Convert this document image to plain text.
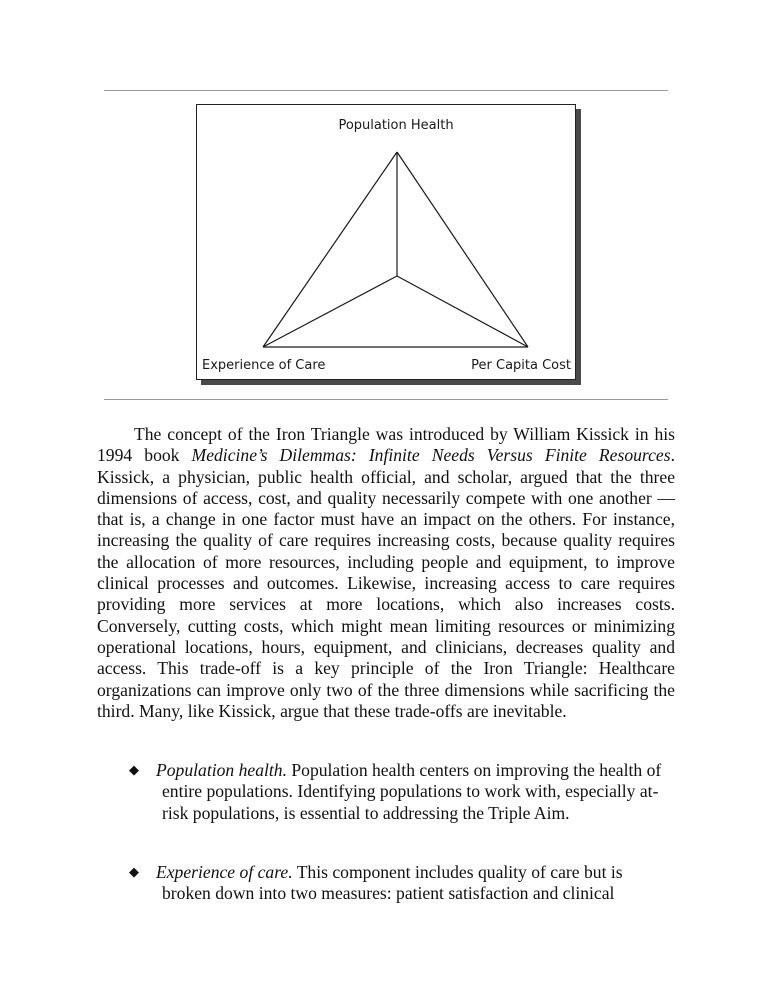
Population Health
Experience of Care	Per Capita Cost

The concept of the Iron Triangle was introduced by William Kissick in his 1994 book Medicine’s Dilemmas: Infinite Needs Versus Finite Resources. Kissick, a physician, public health official, and scholar, argued that the three dimensions of access, cost, and quality necessarily compete with one another —that is, a change in one factor must have an impact on the others. For instance, increasing the quality of care requires increasing costs, because quality requires the allocation of more resources, including people and equipment, to improve clinical processes and outcomes. Likewise, increasing access to care requires providing more services at more locations, which also increases costs. Conversely, cutting costs, which might mean limiting resources or minimizing operational locations, hours, equipment, and clinicians, decreases quality and access. This trade-off is a key principle of the Iron Triangle: Healthcare organizations can improve only two of the three dimensions while sacrificing the third. Many, like Kissick, argue that these trade-offs are inevitable.

◆ Population health. Population health centers on improving the health of entire populations. Identifying populations to work with, especially at-risk populations, is essential to addressing the Triple Aim.
◆ Experience of care. This component includes quality of care but is broken down into two measures: patient satisfaction and clinical
